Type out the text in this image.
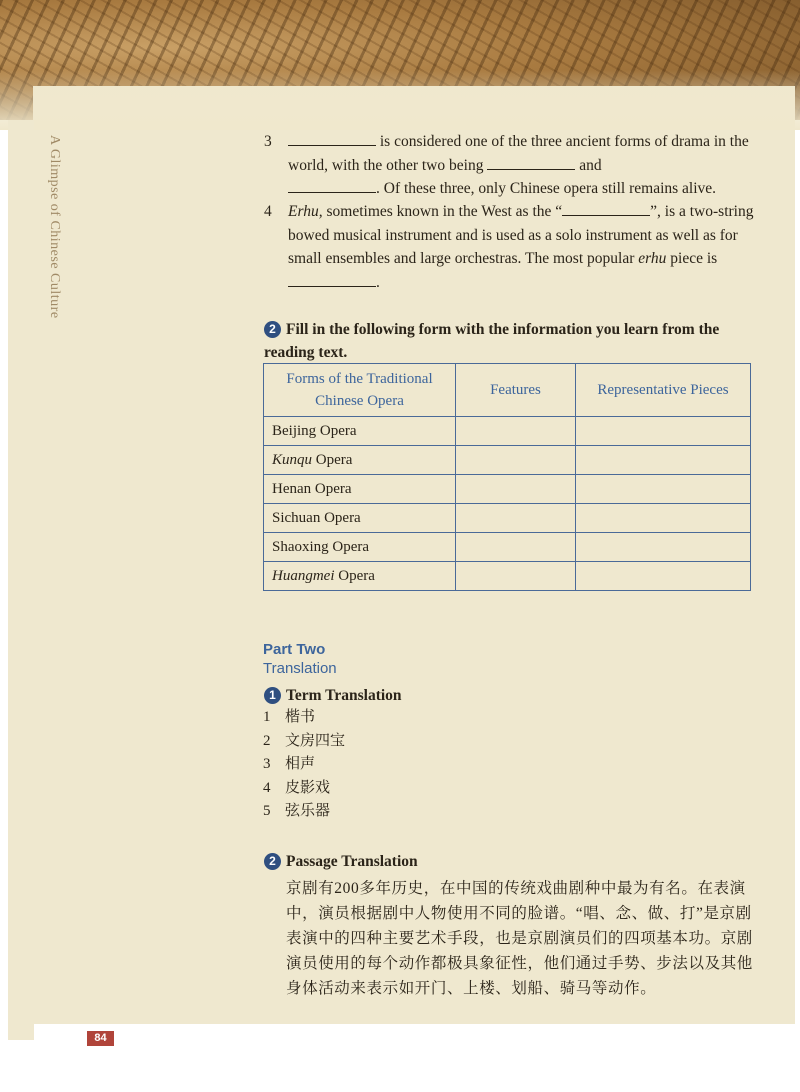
A Glimpse of Chinese Culture	3	is considered one of the three ancient forms of drama in the world, with the other two being	and
. Of these three, only Chinese opera still remains alive.
4 Erhu, sometimes known in the West as the “	”, is a two-string bowed musical instrument and is used as a solo instrument as well as for small ensembles and large orchestras. The most popular erhu piece is .
2 Fill in the following form with the information you learn from the reading text.
Forms of the Traditional Chinese Opera	Features	Representative Pieces
Beijing Opera		
Kunqu Opera		
Henan Opera		
Sichuan Opera		
Shaoxing Opera		
Huangmei Opera		
Part Two
Translation
1 Term Translation
1 楷书
2 文房四宝
3 相声
4 皮影戏
5 弦乐器
2 Passage Translation
京剧有200多年历史，在中国的传统戏曲剧种中最为有名。在表演中，演员根据剧中人物使用不同的脸谱。“唱、念、做、打”是京剧表演中的四种主要艺术手段，也是京剧演员们的四项基本功。京剧演员使用的每个动作都极具象征性，他们通过手势、步法以及其他身体活动来表示如开门、上楼、划船、骑马等动作。
84
